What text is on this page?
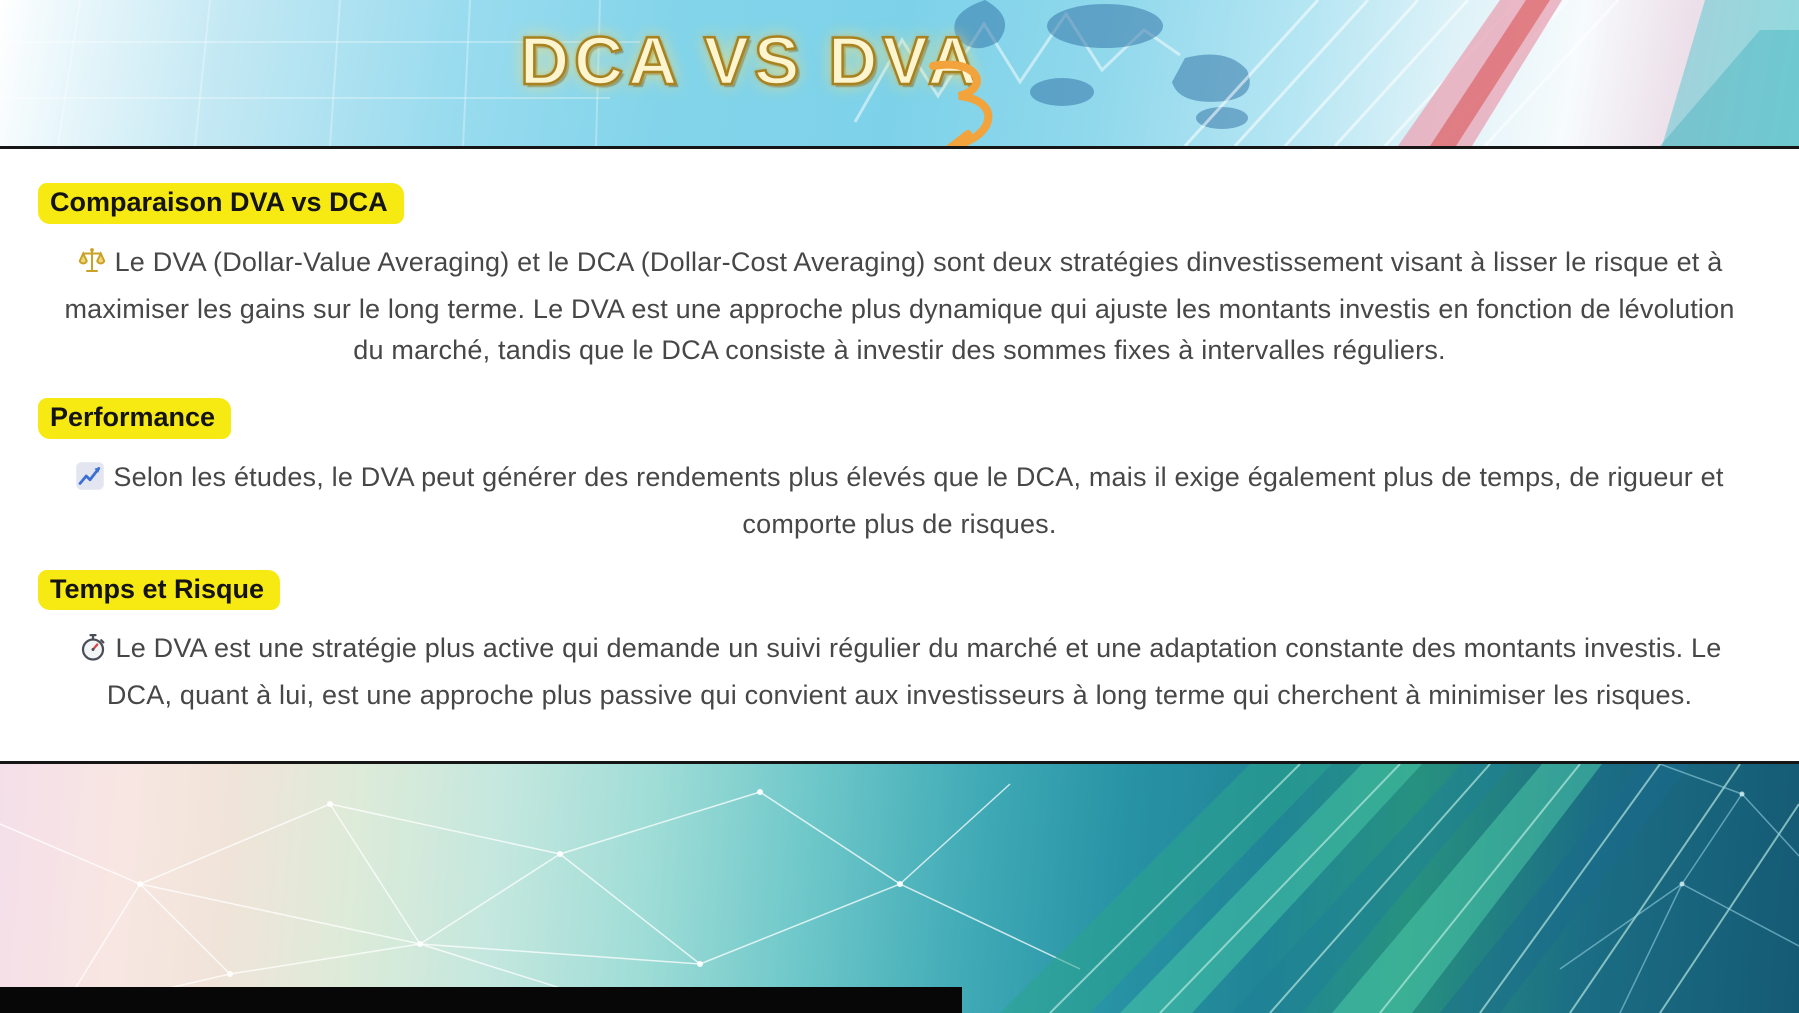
DCA VS DVA
Comparaison DVA vs DCA

Le DVA (Dollar-Value Averaging) et le DCA (Dollar-Cost Averaging) sont deux stratégies dinvestissement visant à lisser le risque et à maximiser les gains sur le long terme. Le DVA est une approche plus dynamique qui ajuste les montants investis en fonction de lévolution du marché, tandis que le DCA consiste à investir des sommes fixes à intervalles réguliers.

Performance

Selon les études, le DVA peut générer des rendements plus élevés que le DCA, mais il exige également plus de temps, de rigueur et comporte plus de risques.

Temps et Risque

Le DVA est une stratégie plus active qui demande un suivi régulier du marché et une adaptation constante des montants investis. Le DCA, quant à lui, est une approche plus passive qui convient aux investisseurs à long terme qui cherchent à minimiser les risques.
